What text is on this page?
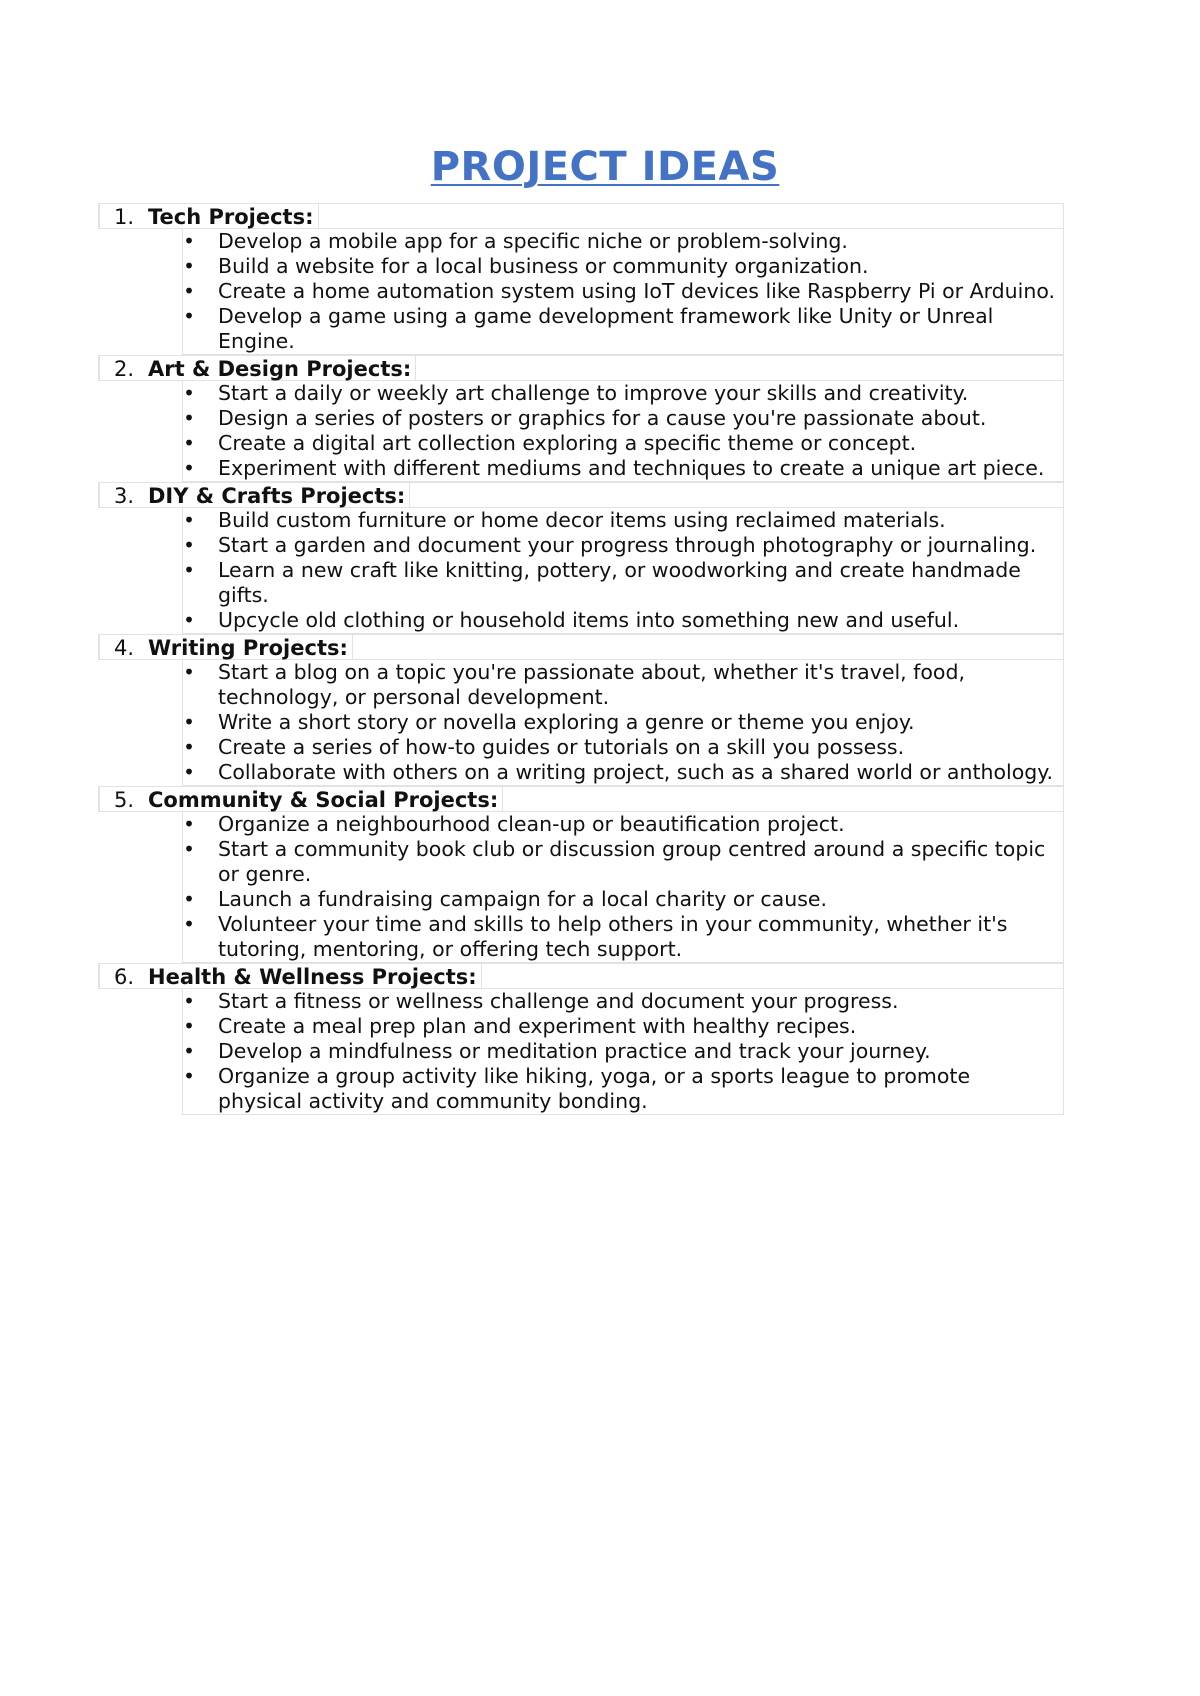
PROJECT IDEAS
1. Tech Projects:
• Develop a mobile app for a specific niche or problem-solving.
• Build a website for a local business or community organization.
• Create a home automation system using IoT devices like Raspberry Pi or Arduino.
• Develop a game using a game development framework like Unity or Unreal Engine.
2. Art & Design Projects:
• Start a daily or weekly art challenge to improve your skills and creativity.
• Design a series of posters or graphics for a cause you're passionate about.
• Create a digital art collection exploring a specific theme or concept.
• Experiment with different mediums and techniques to create a unique art piece.
3. DIY & Crafts Projects:
• Build custom furniture or home decor items using reclaimed materials.
• Start a garden and document your progress through photography or journaling.
• Learn a new craft like knitting, pottery, or woodworking and create handmade gifts.
• Upcycle old clothing or household items into something new and useful.
4. Writing Projects:
• Start a blog on a topic you're passionate about, whether it's travel, food, technology, or personal development.
• Write a short story or novella exploring a genre or theme you enjoy.
• Create a series of how-to guides or tutorials on a skill you possess.
• Collaborate with others on a writing project, such as a shared world or anthology.
5. Community & Social Projects:
• Organize a neighbourhood clean-up or beautification project.
• Start a community book club or discussion group centred around a specific topic or genre.
• Launch a fundraising campaign for a local charity or cause.
• Volunteer your time and skills to help others in your community, whether it's tutoring, mentoring, or offering tech support.
6. Health & Wellness Projects:
• Start a fitness or wellness challenge and document your progress.
• Create a meal prep plan and experiment with healthy recipes.
• Develop a mindfulness or meditation practice and track your journey.
• Organize a group activity like hiking, yoga, or a sports league to promote physical activity and community bonding.
